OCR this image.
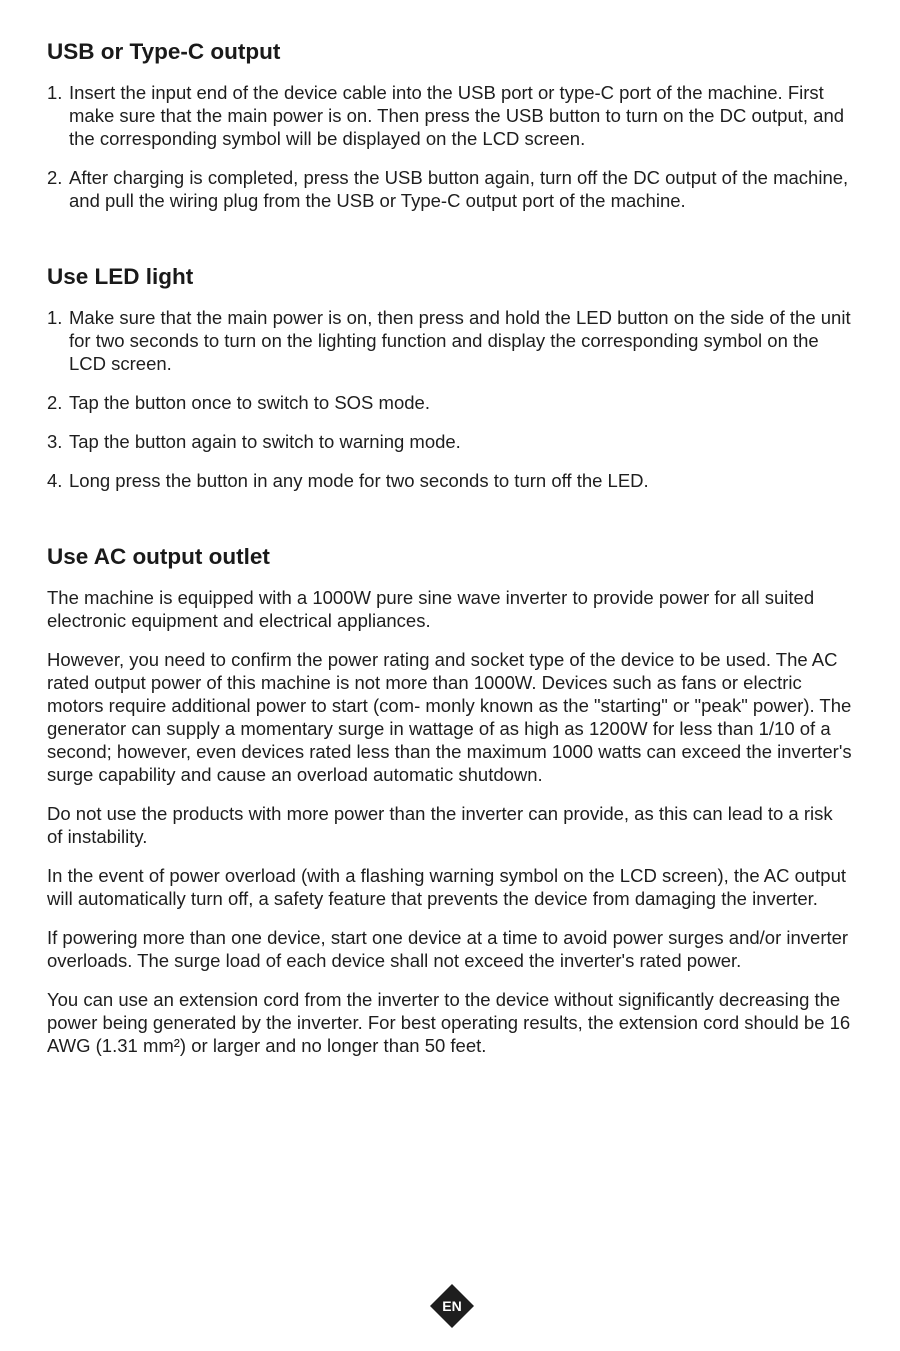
USB or Type-C output
1. Insert the input end of the device cable into the USB port or type-C port of the machine. First make sure that the main power is on. Then press the USB button to turn on the DC output, and the corresponding symbol will be displayed on the LCD screen.
2. After charging is completed, press the USB button again, turn off the DC output of the machine, and pull the wiring plug from the USB or Type-C output port of the machine.
Use LED light
1. Make sure that the main power is on, then press and hold the LED button on the side of the unit for two seconds to turn on the lighting function and display the corresponding symbol on the LCD screen.
2. Tap the button once to switch to SOS mode.
3. Tap the button again to switch to warning mode.
4. Long press the button in any mode for two seconds to turn off the LED.
Use AC output outlet

The machine is equipped with a 1000W pure sine wave inverter to provide power for all suited electronic equipment and electrical appliances.

However, you need to confirm the power rating and socket type of the device to be used. The AC rated output power of this machine is not more than 1000W. Devices such as fans or electric motors require additional power to start (com- monly known as the "starting" or "peak" power). The generator can supply a momentary surge in wattage of as high as 1200W for less than 1/10 of a second; however, even devices rated less than the maximum 1000 watts can exceed the inverter's surge capability and cause an overload automatic shutdown.

Do not use the products with more power than the inverter can provide, as this can lead to a risk of instability.

In the event of power overload (with a flashing warning symbol on the LCD screen), the AC output will automatically turn off, a safety feature that prevents the device from damaging the inverter.

If powering more than one device, start one device at a time to avoid power surges and/or inverter overloads. The surge load of each device shall not exceed the inverter's rated power.

You can use an extension cord from the inverter to the device without significantly decreasing the power being generated by the inverter. For best operating results, the extension cord should be 16 AWG (1.31 mm²) or larger and no longer than 50 feet.

EN
